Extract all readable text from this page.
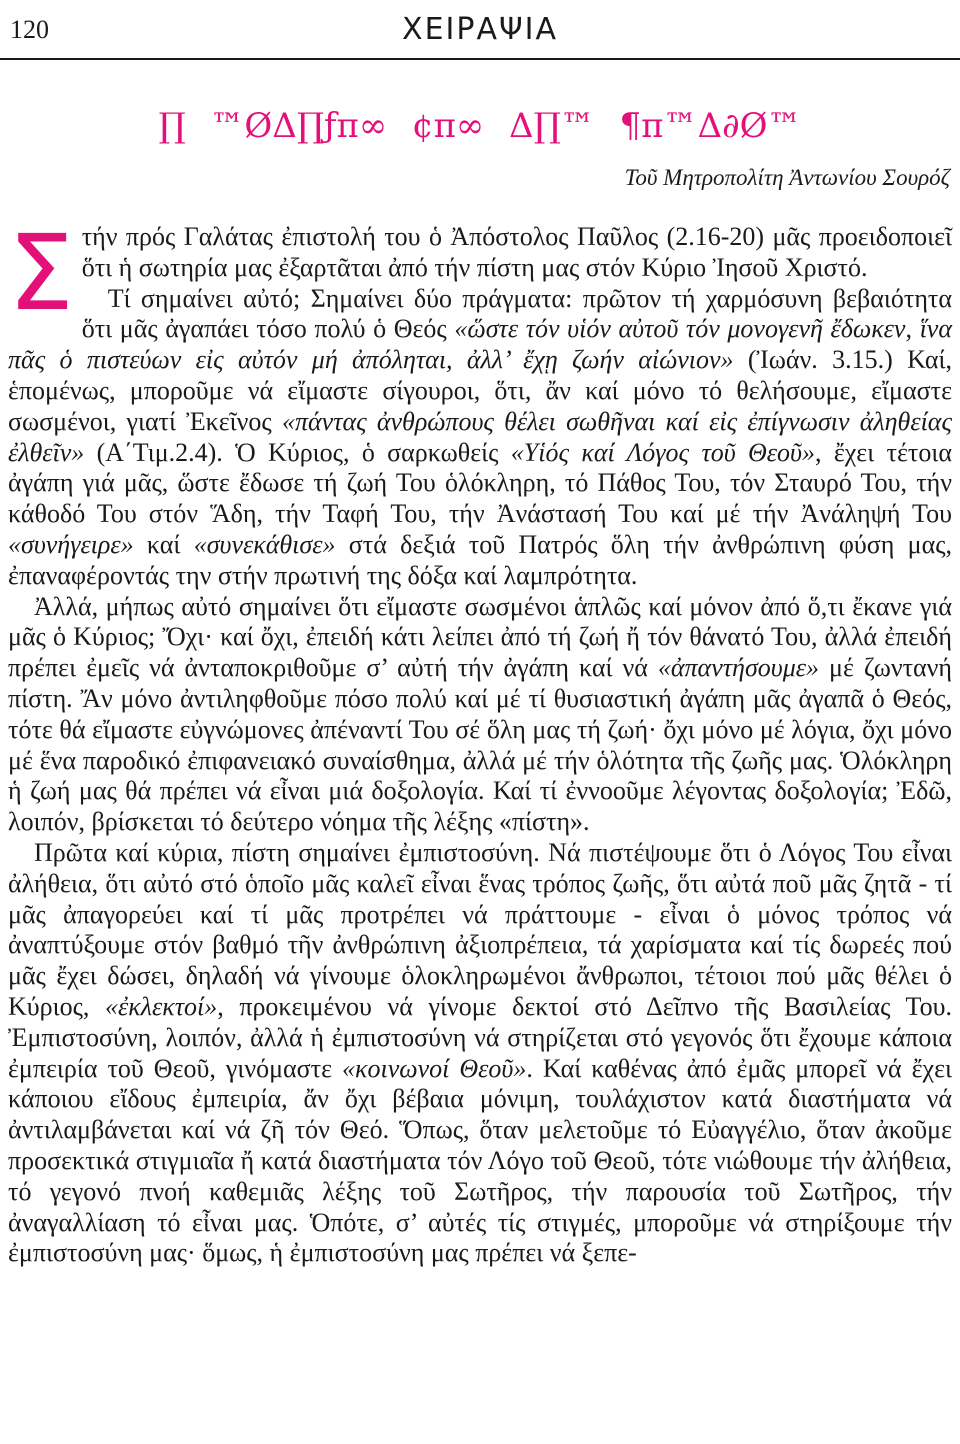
120	ΧΕΙΡΑΨΙΑ
∏ ™ØΔ∏ƒπ∞ ¢π∞ Δ∏™ ¶π™Δ∂Ø™
Τοῦ Μητροπολίτη Ἀντωνίου Σουρόζ

Σ τήν πρός Γαλάτας ἐπιστολή του ὁ Ἀπόστολος Παῦλος (2.16-20) μᾶς προειδοποιεῖ ὅτι ἡ σωτηρία μας ἐξαρτᾶται ἀπό τήν πίστη μας στόν Κύριο Ἰησοῦ Χριστό.

Τί σημαίνει αὐτό; Σημαίνει δύο πράγματα: πρῶτον τή χαρμόσυνη βεβαιότητα ὅτι μᾶς ἀγαπάει τόσο πολύ ὁ Θεός «ὥστε τόν υἱόν αὐτοῦ τόν μονογενῆ ἔδωκεν, ἵνα πᾶς ὁ πιστεύων εἰς αὐτόν μή ἀπόληται, ἀλλ’ ἔχῃ ζωήν αἰώνιον» (Ἰωάν. 3.15.) Καί, ἑπομένως, μποροῦμε νά εἴμαστε σίγουροι, ὅτι, ἄν καί μόνο τό θελήσουμε, εἴμαστε σωσμένοι, γιατί Ἐκεῖνος «πάντας ἀνθρώπους θέλει σωθῆναι καί εἰς ἐπίγνωσιν ἀληθείας ἐλθεῖν» (Α΄Τιμ.2.4). Ὁ Κύριος, ὁ σαρκωθείς «Υἱός καί Λόγος τοῦ Θεοῦ», ἔχει τέτοια ἀγάπη γιά μᾶς, ὥστε ἔδωσε τή ζωή Του ὁλόκληρη, τό Πάθος Του, τόν Σταυρό Του, τήν κάθοδό Του στόν Ἅδη, τήν Ταφή Του, τήν Ἀνάστασή Του καί μέ τήν Ἀνάληψή Του «συνήγειρε» καί «συνεκάθισε» στά δεξιά τοῦ Πατρός ὅλη τήν ἀνθρώπινη φύση μας, ἐπαναφέροντάς την στήν πρωτινή της δόξα καί λαμπρότητα.

Ἀλλά, μήπως αὐτό σημαίνει ὅτι εἴμαστε σωσμένοι ἁπλῶς καί μόνον ἀπό ὅ,τι ἔκανε γιά μᾶς ὁ Κύριος; Ὄχι· καί ὄχι, ἐπειδή κάτι λείπει ἀπό τή ζωή ἤ τόν θάνατό Του, ἀλλά ἐπειδή πρέπει ἐμεῖς νά ἀνταποκριθοῦμε σ’ αὐτή τήν ἀγάπη καί νά «ἀπαντήσουμε» μέ ζωντανή πίστη. Ἄν μόνο ἀντιληφθοῦμε πόσο πολύ καί μέ τί θυσιαστική ἀγάπη μᾶς ἀγαπᾶ ὁ Θεός, τότε θά εἴμαστε εὐγνώμονες ἀπέναντί Του σέ ὅλη μας τή ζωή· ὄχι μόνο μέ λόγια, ὄχι μόνο μέ ἕνα παροδικό ἐπιφανειακό συναίσθημα, ἀλλά μέ τήν ὁλότητα τῆς ζωῆς μας. Ὁλόκληρη ἡ ζωή μας θά πρέπει νά εἶναι μιά δοξολογία. Καί τί ἐννοοῦμε λέγοντας δοξολογία; Ἐδῶ, λοιπόν, βρίσκεται τό δεύτερο νόημα τῆς λέξης «πίστη».

Πρῶτα καί κύρια, πίστη σημαίνει ἐμπιστοσύνη. Νά πιστέψουμε ὅτι ὁ Λόγος Του εἶναι ἀλήθεια, ὅτι αὐτό στό ὁποῖο μᾶς καλεῖ εἶναι ἕνας τρόπος ζωῆς, ὅτι αὐτά ποῦ μᾶς ζητᾶ - τί μᾶς ἀπαγορεύει καί τί μᾶς προτρέπει νά πράττουμε - εἶναι ὁ μόνος τρόπος νά ἀναπτύξουμε στόν βαθμό τῆν ἀνθρώπινη ἀξιοπρέπεια, τά χαρίσματα καί τίς δωρεές πού μᾶς ἔχει δώσει, δηλαδή νά γίνουμε ὁλοκληρωμένοι ἄνθρωποι, τέτοιοι πού μᾶς θέλει ὁ Κύριος, «ἐκλεκτοί», προκειμένου νά γίνομε δεκτοί στό Δεῖπνο τῆς Βασιλείας Του. Ἐμπιστοσύνη, λοιπόν, ἀλλά ἡ ἐμπιστοσύνη νά στηρίζεται στό γεγονός ὅτι ἔχουμε κάποια ἐμπειρία τοῦ Θεοῦ, γινόμαστε «κοινωνοί Θεοῦ». Καί καθένας ἀπό ἐμᾶς μπορεῖ νά ἔχει κάποιου εἴδους ἐμπειρία, ἄν ὄχι βέβαια μόνιμη, τουλάχιστον κατά διαστήματα νά ἀντιλαμβάνεται καί νά ζῆ τόν Θεό. Ὅπως, ὅταν μελετοῦμε τό Εὐαγγέλιο, ὅταν ἀκοῦμε προσεκτικά στιγμιαῖα ἤ κατά διαστήματα τόν Λόγο τοῦ Θεοῦ, τότε νιώθουμε τήν ἀλήθεια, τό γεγονό πνοή καθεμιᾶς λέξης τοῦ Σωτῆρος, τήν παρουσία τοῦ Σωτῆρος, τήν ἀναγαλλίαση τό εἶναι μας. Ὁπότε, σ’ αὐτές τίς στιγμές, μποροῦμε νά στηρίξουμε τήν ἐμπιστοσύνη μας· ὅμως, ἡ ἐμπιστοσύνη μας πρέπει νά ξεπε-
